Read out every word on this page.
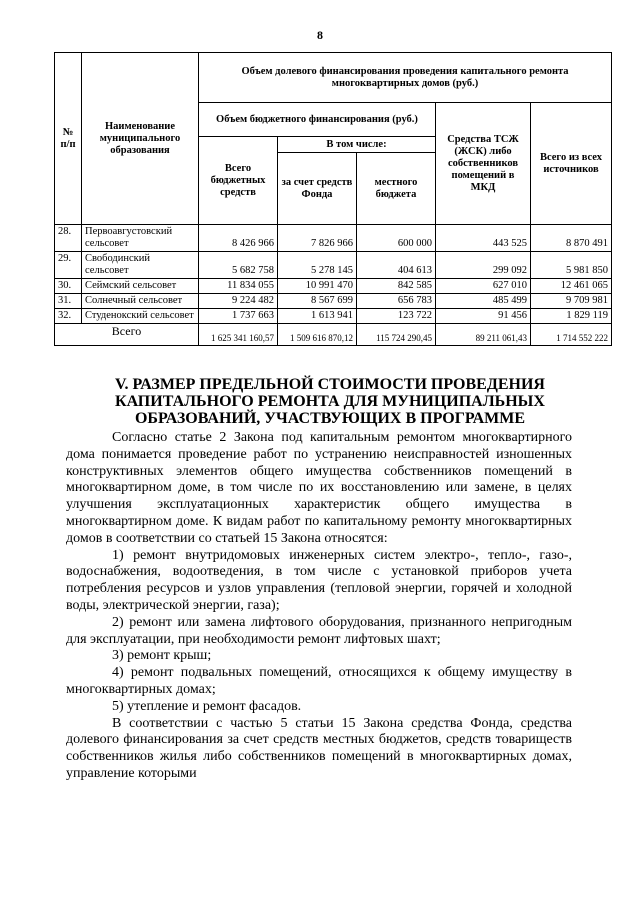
8
№ п/п	Наименование муниципального образования	Объем долевого финансирования проведения капитального ремонта многоквартирных домов (руб.)				
		Объем бюджетного финансирования (руб.)			Средства ТСЖ (ЖСК) либо собственников помещений в МКД	Всего из всех источников
		Всего бюджетных средств	В том числе:			
			за счет средств Фонда	местного бюджета		
28.	Первоавгустовский сельсовет	8 426 966	7 826 966	600 000	443 525	8 870 491
29.	Свободинский сельсовет	5 682 758	5 278 145	404 613	299 092	5 981 850
30.	Сеймский сельсовет	11 834 055	10 991 470	842 585	627 010	12 461 065
31.	Солнечный сельсовет	9 224 482	8 567 699	656 783	485 499	9 709 981
32.	Студенокский сельсовет	1 737 663	1 613 941	123 722	91 456	1 829 119
Всего		1 625 341 160,57	1 509 616 870,12	115 724 290,45	89 211 061,43	1 714 552 222
V. РАЗМЕР ПРЕДЕЛЬНОЙ СТОИМОСТИ ПРОВЕДЕНИЯ КАПИТАЛЬНОГО РЕМОНТА ДЛЯ МУНИЦИПАЛЬНЫХ ОБРАЗОВАНИЙ, УЧАСТВУЮЩИХ В ПРОГРАММЕ

Согласно статье 2 Закона под капитальным ремонтом многоквартирного дома понимается проведение работ по устранению неисправностей изношенных конструктивных элементов общего имущества собственников помещений в многоквартирном доме, в том числе по их восстановлению или замене, в целях улучшения эксплуатационных характеристик общего имущества в многоквартирном доме. К видам работ по капитальному ремонту многоквартирных домов в соответствии со статьей 15 Закона относятся:

1) ремонт внутридомовых инженерных систем электро-, тепло-, газо-, водоснабжения, водоотведения, в том числе с установкой приборов учета потребления ресурсов и узлов управления (тепловой энергии, горячей и холодной воды, электрической энергии, газа);

2) ремонт или замена лифтового оборудования, признанного непригодным для эксплуатации, при необходимости ремонт лифтовых шахт;

3) ремонт крыш;

4) ремонт подвальных помещений, относящихся к общему имуществу в многоквартирных домах;

5) утепление и ремонт фасадов.

В соответствии с частью 5 статьи 15 Закона средства Фонда, средства долевого финансирования за счет средств местных бюджетов, средств товариществ собственников жилья либо собственников помещений в многоквартирных домах, управление которыми
